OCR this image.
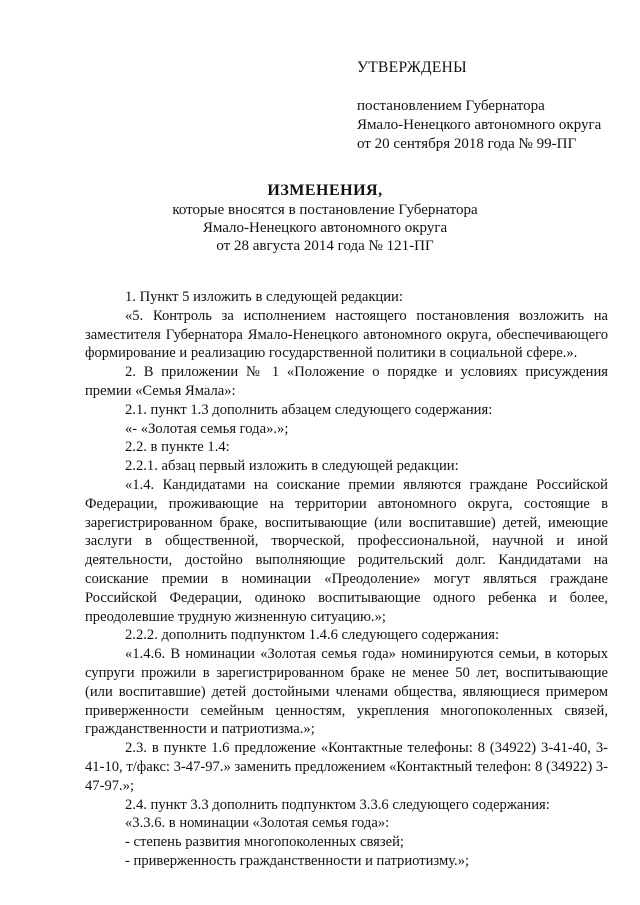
УТВЕРЖДЕНЫ
постановлением Губернатора
Ямало-Ненецкого автономного округа
от 20 сентября 2018 года № 99-ПГ
ИЗМЕНЕНИЯ,
которые вносятся в постановление Губернатора
Ямало-Ненецкого автономного округа
от 28 августа 2014 года № 121-ПГ

1. Пункт 5 изложить в следующей редакции:

«5. Контроль за исполнением настоящего постановления возложить на заместителя Губернатора Ямало-Ненецкого автономного округа, обеспечивающего формирование и реализацию государственной политики в социальной сфере.».

2. В приложении № 1 «Положение о порядке и условиях присуждения премии «Семья Ямала»:

2.1. пункт 1.3 дополнить абзацем следующего содержания:

«- «Золотая семья года».»;

2.2. в пункте 1.4:

2.2.1. абзац первый изложить в следующей редакции:

«1.4. Кандидатами на соискание премии являются граждане Российской Федерации, проживающие на территории автономного округа, состоящие в зарегистрированном браке, воспитывающие (или воспитавшие) детей, имеющие заслуги в общественной, творческой, профессиональной, научной и иной деятельности, достойно выполняющие родительский долг. Кандидатами на соискание премии в номинации «Преодоление» могут являться граждане Российской Федерации, одиноко воспитывающие одного ребенка и более, преодолевшие трудную жизненную ситуацию.»;

2.2.2. дополнить подпунктом 1.4.6 следующего содержания:

«1.4.6. В номинации «Золотая семья года» номинируются семьи, в которых супруги прожили в зарегистрированном браке не менее 50 лет, воспитывающие (или воспитавшие) детей достойными членами общества, являющиеся примером приверженности семейным ценностям, укрепления многопоколенных связей, гражданственности и патриотизма.»;

2.3. в пункте 1.6 предложение «Контактные телефоны: 8 (34922) 3-41-40, 3-41-10, т/факс: 3-47-97.» заменить предложением «Контактный телефон: 8 (34922) 3-47-97.»;

2.4. пункт 3.3 дополнить подпунктом 3.3.6 следующего содержания:

«3.3.6. в номинации «Золотая семья года»:

- степень развития многопоколенных связей;

- приверженность гражданственности и патриотизму.»;
